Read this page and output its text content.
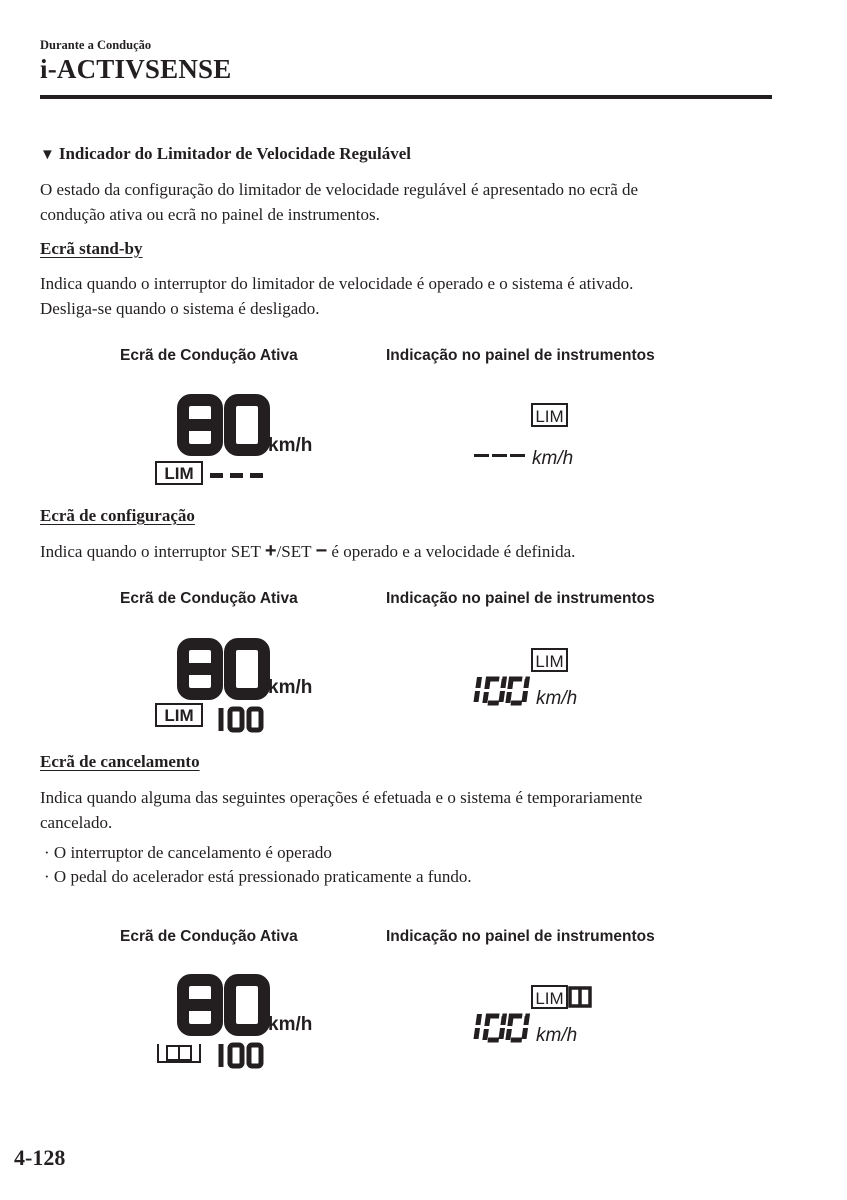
Durante a Condução
i-ACTIVSENSE
▼ Indicador do Limitador de Velocidade Regulável
O estado da configuração do limitador de velocidade regulável é apresentado no ecrã de
condução ativa ou ecrã no painel de instrumentos.
Ecrã stand-by
Indica quando o interruptor do limitador de velocidade é operado e o sistema é ativado.
Desliga-se quando o sistema é desligado.
Ecrã de Condução Ativa	Indicação no painel de instrumentos
km/h
LIM
LIM
km/h
Ecrã de configuração
Indica quando o interruptor SET +/SET − é operado e a velocidade é definida.
Ecrã de Condução Ativa	Indicação no painel de instrumentos
km/h
LIM
LIM
km/h
Ecrã de cancelamento
Indica quando alguma das seguintes operações é efetuada e o sistema é temporariamente
cancelado.
· O interruptor de cancelamento é operado
· O pedal do acelerador está pressionado praticamente a fundo.
Ecrã de Condução Ativa	Indicação no painel de instrumentos
km/h
LIM
km/h
4-128
